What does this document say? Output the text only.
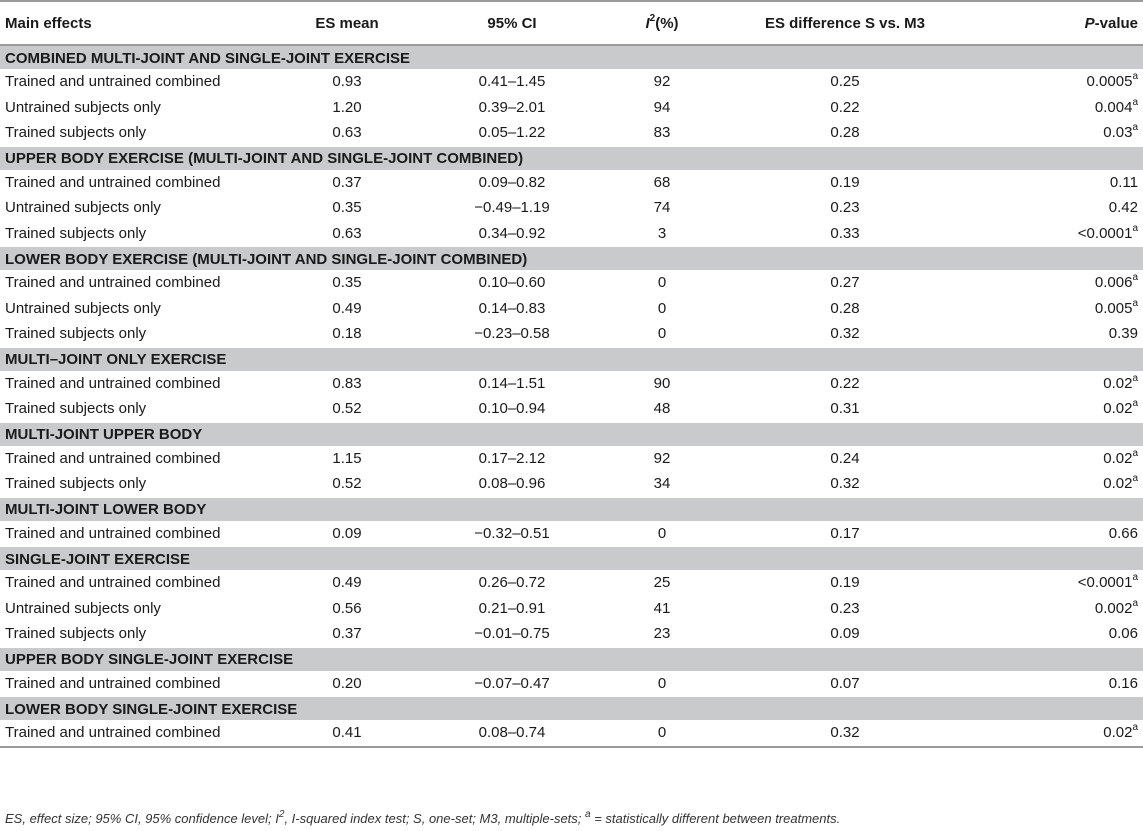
Main effects	ES mean	95% CI	$I^2(\%)$	ES difference S vs. M3	P-value
COMBINED MULTI-JOINT AND SINGLE-JOINT EXERCISE					
Trained and untrained combined	0.93	0.41–1.45	92	0.25	0.0005$^a$
Untrained subjects only	1.20	0.39–2.01	94	0.22	0.004$^a$
Trained subjects only	0.63	0.05–1.22	83	0.28	0.03$^a$
UPPER BODY EXERCISE (MULTI-JOINT AND SINGLE-JOINT COMBINED)					
Trained and untrained combined	0.37	0.09–0.82	68	0.19	0.11
Untrained subjects only	0.35	−0.49–1.19	74	0.23	0.42
Trained subjects only	0.63	0.34–0.92	3	0.33	<0.0001$^a$
LOWER BODY EXERCISE (MULTI-JOINT AND SINGLE-JOINT COMBINED)					
Trained and untrained combined	0.35	0.10–0.60	0	0.27	0.006$^a$
Untrained subjects only	0.49	0.14–0.83	0	0.28	0.005$^a$
Trained subjects only	0.18	−0.23–0.58	0	0.32	0.39
MULTI–JOINT ONLY EXERCISE					
Trained and untrained combined	0.83	0.14–1.51	90	0.22	0.02$^a$
Trained subjects only	0.52	0.10–0.94	48	0.31	0.02$^a$
MULTI-JOINT UPPER BODY					
Trained and untrained combined	1.15	0.17–2.12	92	0.24	0.02$^a$
Trained subjects only	0.52	0.08–0.96	34	0.32	0.02$^a$
MULTI-JOINT LOWER BODY					
Trained and untrained combined	0.09	−0.32–0.51	0	0.17	0.66
SINGLE-JOINT EXERCISE					
Trained and untrained combined	0.49	0.26–0.72	25	0.19	<0.0001$^a$
Untrained subjects only	0.56	0.21–0.91	41	0.23	0.002$^a$
Trained subjects only	0.37	−0.01–0.75	23	0.09	0.06
UPPER BODY SINGLE-JOINT EXERCISE					
Trained and untrained combined	0.20	−0.07–0.47	0	0.07	0.16
LOWER BODY SINGLE-JOINT EXERCISE					
Trained and untrained combined	0.41	0.08–0.74	0	0.32	0.02$^a$
ES, effect size; 95% CI, 95% confidence level; $I^2$, I-squared index test; S, one-set; M3, multiple-sets; $^a$ = statistically different between treatments.
